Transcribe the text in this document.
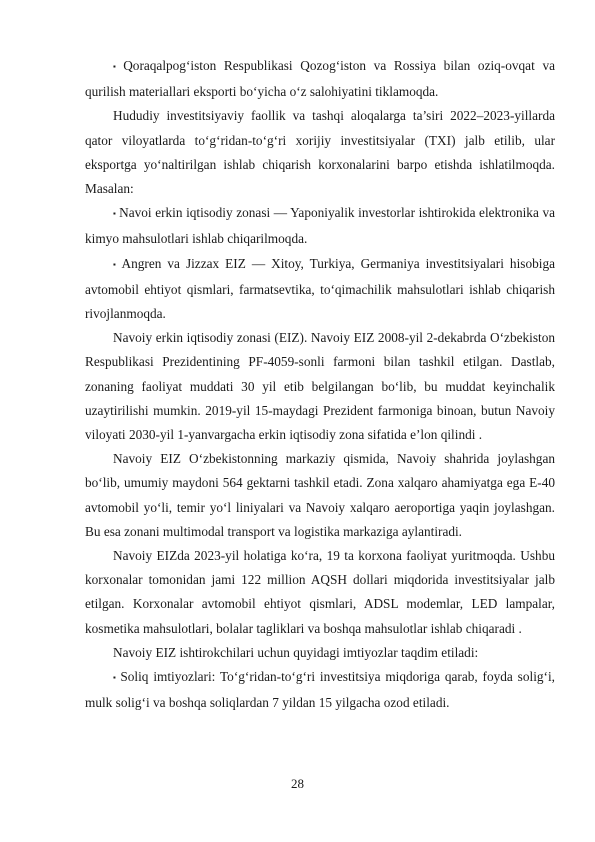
▪ Qoraqalpog‘iston Respublikasi Qozog‘iston va Rossiya bilan oziq-ovqat va qurilish materiallari eksporti bo‘yicha o‘z salohiyatini tiklamoqda.

Hududiy investitsiyaviy faollik va tashqi aloqalarga ta’siri 2022–2023-yillarda qator viloyatlarda to‘g‘ridan-to‘g‘ri xorijiy investitsiyalar (TXI) jalb etilib, ular eksportga yo‘naltirilgan ishlab chiqarish korxonalarini barpo etishda ishlatilmoqda. Masalan:

▪ Navoi erkin iqtisodiy zonasi — Yaponiyalik investorlar ishtirokida elektronika va kimyo mahsulotlari ishlab chiqarilmoqda.

▪ Angren va Jizzax EIZ — Xitoy, Turkiya, Germaniya investitsiyalari hisobiga avtomobil ehtiyot qismlari, farmatsevtika, to‘qimachilik mahsulotlari ishlab chiqarish rivojlanmoqda.

Navoiy erkin iqtisodiy zonasi (EIZ). Navoiy EIZ 2008-yil 2-dekabrda O‘zbekiston Respublikasi Prezidentining PF-4059-sonli farmoni bilan tashkil etilgan. Dastlab, zonaning faoliyat muddati 30 yil etib belgilangan bo‘lib, bu muddat keyinchalik uzaytirilishi mumkin. 2019-yil 15-maydagi Prezident farmoniga binoan, butun Navoiy viloyati 2030-yil 1-yanvargacha erkin iqtisodiy zona sifatida e’lon qilindi .

Navoiy EIZ O‘zbekistonning markaziy qismida, Navoiy shahrida joylashgan bo‘lib, umumiy maydoni 564 gektarni tashkil etadi. Zona xalqaro ahamiyatga ega E-40 avtomobil yo‘li, temir yo‘l liniyalari va Navoiy xalqaro aeroportiga yaqin joylashgan. Bu esa zonani multimodal transport va logistika markaziga aylantiradi.

Navoiy EIZda 2023-yil holatiga ko‘ra, 19 ta korxona faoliyat yuritmoqda. Ushbu korxonalar tomonidan jami 122 million AQSH dollari miqdorida investitsiyalar jalb etilgan. Korxonalar avtomobil ehtiyot qismlari, ADSL modemlar, LED lampalar, kosmetika mahsulotlari, bolalar tagliklari va boshqa mahsulotlar ishlab chiqaradi .

Navoiy EIZ ishtirokchilari uchun quyidagi imtiyozlar taqdim etiladi:

▪ Soliq imtiyozlari: To‘g‘ridan-to‘g‘ri investitsiya miqdoriga qarab, foyda solig‘i, mulk solig‘i va boshqa soliqlardan 7 yildan 15 yilgacha ozod etiladi.

28
